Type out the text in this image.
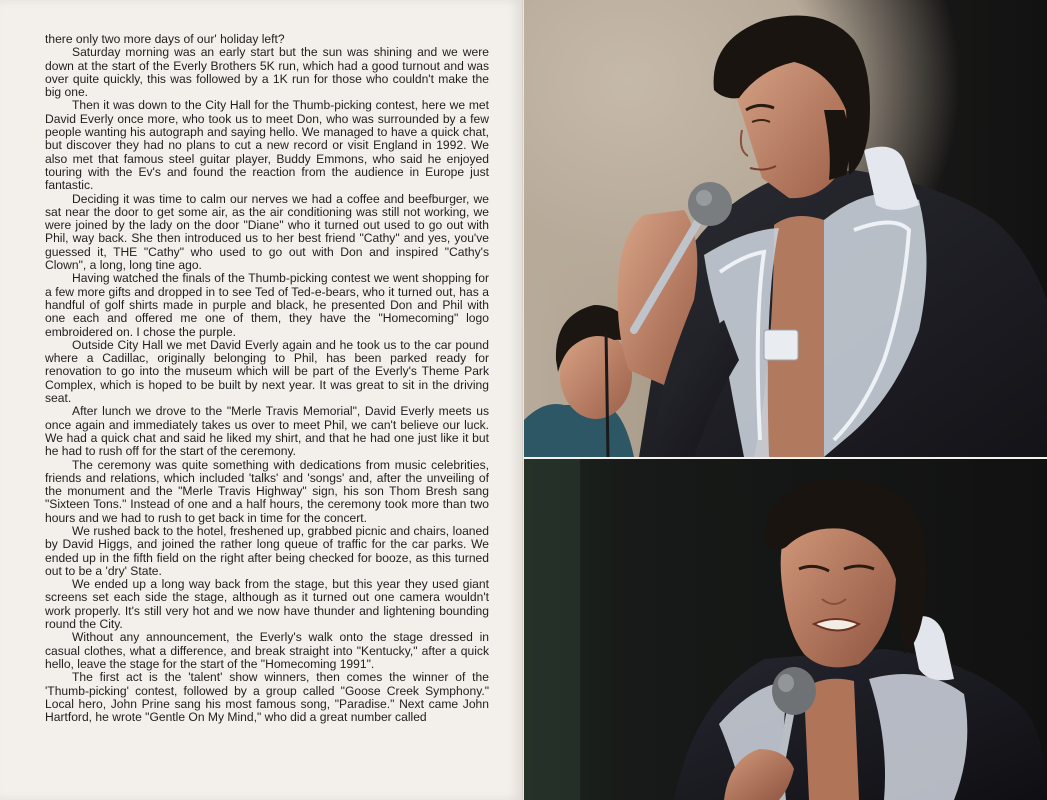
there only two more days of our' holiday left?

Saturday morning was an early start but the sun was shining and we were down at the start of the Everly Brothers 5K run, which had a good turnout and was over quite quickly, this was followed by a 1K run for those who couldn't make the big one.

Then it was down to the City Hall for the Thumb-picking contest, here we met David Everly once more, who took us to meet Don, who was surrounded by a few people wanting his autograph and saying hello. We managed to have a quick chat, but discover they had no plans to cut a new record or visit England in 1992. We also met that famous steel guitar player, Buddy Emmons, who said he enjoyed touring with the Ev's and found the reaction from the audience in Europe just fantastic.

Deciding it was time to calm our nerves we had a coffee and beefburger, we sat near the door to get some air, as the air conditioning was still not working, we were joined by the lady on the door "Diane" who it turned out used to go out with Phil, way back. She then introduced us to her best friend "Cathy" and yes, you've guessed it, THE "Cathy" who used to go out with Don and inspired "Cathy's Clown", a long, long tine ago.

Having watched the finals of the Thumb-picking contest we went shopping for a few more gifts and dropped in to see Ted of Ted-e-bears, who it turned out, has a handful of golf shirts made in purple and black, he presented Don and Phil with one each and offered me one of them, they have the "Homecoming" logo embroidered on. I chose the purple.

Outside City Hall we met David Everly again and he took us to the car pound where a Cadillac, originally belonging to Phil, has been parked ready for renovation to go into the museum which will be part of the Everly's Theme Park Complex, which is hoped to be built by next year. It was great to sit in the driving seat.

After lunch we drove to the "Merle Travis Memorial", David Everly meets us once again and immediately takes us over to meet Phil, we can't believe our luck. We had a quick chat and said he liked my shirt, and that he had one just like it but he had to rush off for the start of the ceremony.

The ceremony was quite something with dedications from music celebrities, friends and relations, which included 'talks' and 'songs' and, after the unveiling of the monument and the "Merle Travis Highway" sign, his son Thom Bresh sang "Sixteen Tons." Instead of one and a half hours, the ceremony took more than two hours and we had to rush to get back in time for the concert.

We rushed back to the hotel, freshened up, grabbed picnic and chairs, loaned by David Higgs, and joined the rather long queue of traffic for the car parks. We ended up in the fifth field on the right after being checked for booze, as this turned out to be a 'dry' State.

We ended up a long way back from the stage, but this year they used giant screens set each side the stage, although as it turned out one camera wouldn't work properly. It's still very hot and we now have thunder and lightening bounding round the City.

Without any announcement, the Everly's walk onto the stage dressed in casual clothes, what a difference, and break straight into "Kentucky," after a quick hello, leave the stage for the start of the "Homecoming 1991".

The first act is the 'talent' show winners, then comes the winner of the 'Thumb-picking' contest, followed by a group called "Goose Creek Symphony." Local hero, John Prine sang his most famous song, "Paradise." Next came John Hartford, he wrote "Gentle On My Mind," who did a great number called
